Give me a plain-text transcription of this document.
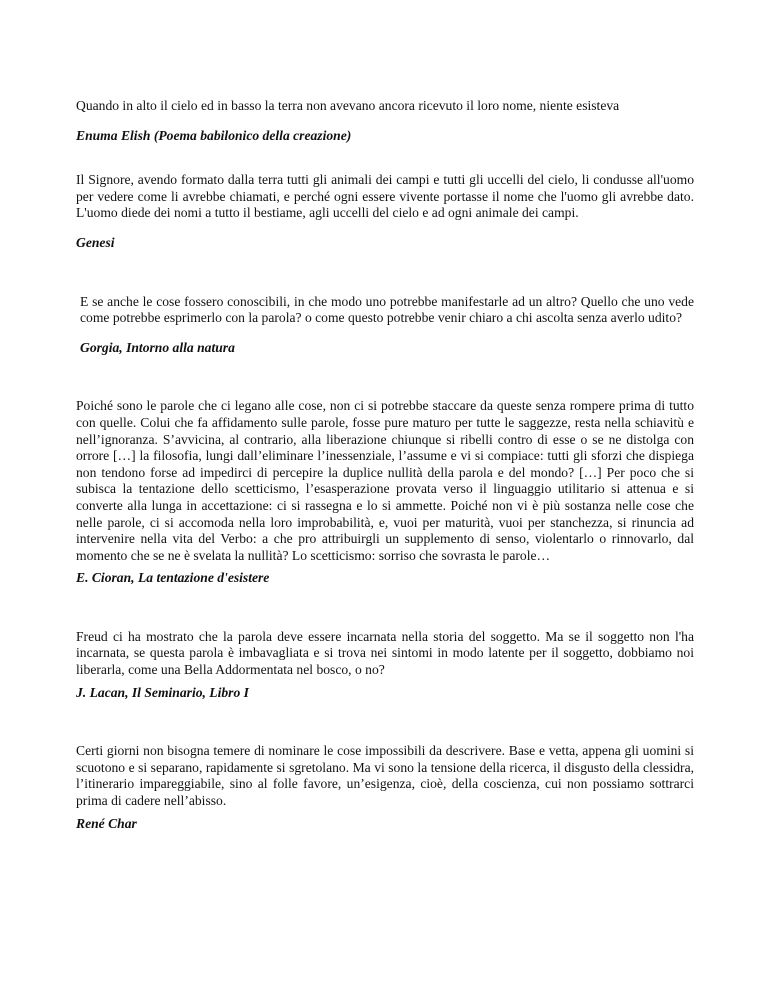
Quando in alto il cielo ed in basso la terra non avevano ancora ricevuto il loro nome, niente esisteva

Enuma Elish (Poema babilonico della creazione)

Il Signore, avendo formato dalla terra tutti gli animali dei campi e tutti gli uccelli del cielo, li condusse all'uomo per vedere come li avrebbe chiamati, e perché ogni essere vivente portasse il nome che l'uomo gli avrebbe dato. L'uomo diede dei nomi a tutto il bestiame, agli uccelli del cielo e ad ogni animale dei campi.

Genesi

E se anche le cose fossero conoscibili, in che modo uno potrebbe manifestarle ad un altro? Quello che uno vede come potrebbe esprimerlo con la parola? o come questo potrebbe venir chiaro a chi ascolta senza averlo udito?

Gorgia, Intorno alla natura

Poiché sono le parole che ci legano alle cose, non ci si potrebbe staccare da queste senza rompere prima di tutto con quelle. Colui che fa affidamento sulle parole, fosse pure maturo per tutte le saggezze, resta nella schiavitù e nell’ignoranza. S’avvicina, al contrario, alla liberazione chiunque si ribelli contro di esse o se ne distolga con orrore […] la filosofia, lungi dall’eliminare l’inessenziale, l’assume e vi si compiace: tutti gli sforzi che dispiega non tendono forse ad impedirci di percepire la duplice nullità della parola e del mondo? […] Per poco che si subisca la tentazione dello scetticismo, l’esasperazione provata verso il linguaggio utilitario si attenua e si converte alla lunga in accettazione: ci si rassegna e lo si ammette. Poiché non vi è più sostanza nelle cose che nelle parole, ci si accomoda nella loro improbabilità, e, vuoi per maturità, vuoi per stanchezza, si rinuncia ad intervenire nella vita del Verbo: a che pro attribuirgli un supplemento di senso, violentarlo o rinnovarlo, dal momento che se ne è svelata la nullità? Lo scetticismo: sorriso che sovrasta le parole…

E. Cioran, La tentazione d'esistere

Freud ci ha mostrato che la parola deve essere incarnata nella storia del soggetto. Ma se il soggetto non l'ha incarnata, se questa parola è imbavagliata e si trova nei sintomi in modo latente per il soggetto, dobbiamo noi liberarla, come una Bella Addormentata nel bosco, o no?

J. Lacan, Il Seminario, Libro I

Certi giorni non bisogna temere di nominare le cose impossibili da descrivere. Base e vetta, appena gli uomini si scuotono e si separano, rapidamente si sgretolano. Ma vi sono la tensione della ricerca, il disgusto della clessidra, l’itinerario impareggiabile, sino al folle favore, un’esigenza, cioè, della coscienza, cui non possiamo sottrarci prima di cadere nell’abisso.

René Char
